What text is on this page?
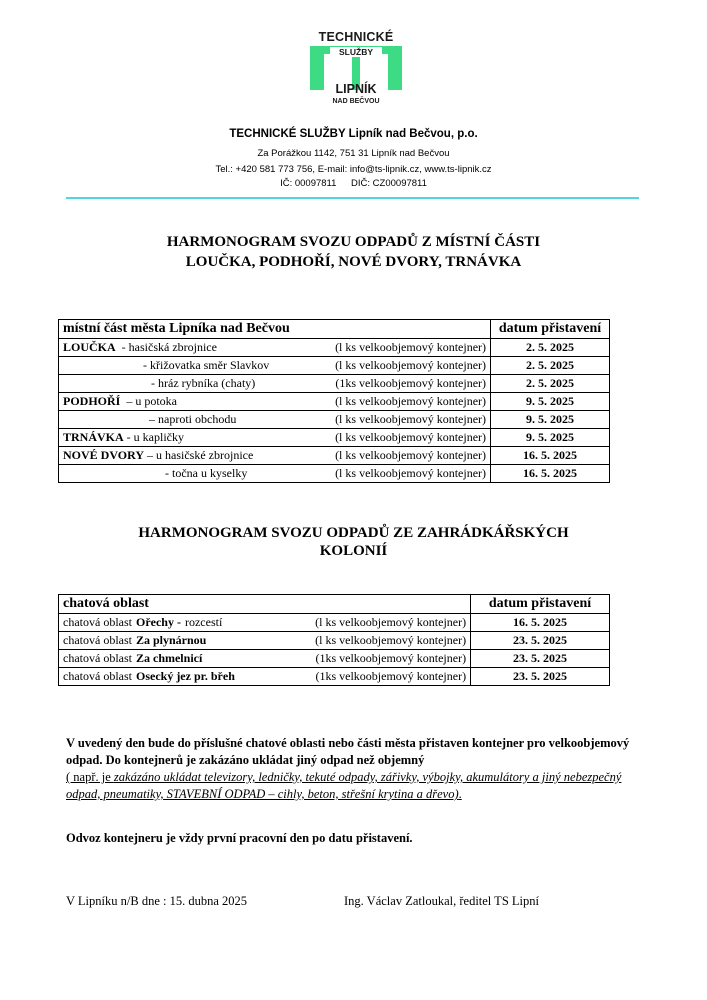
TECHNICKÉ
SLUŽBY
LIPNÍK
NAD BEČVOU
TECHNICKÉ SLUŽBY Lipník nad Bečvou, p.o.
Za Porážkou 1142, 751 31 Lipník nad Bečvou
Tel.: +420 581 773 756, E-mail: info@ts-lipnik.cz, www.ts-lipnik.cz
IČ: 00097811 DIČ: CZ00097811
HARMONOGRAM SVOZU ODPADŮ Z MÍSTNÍ ČÁSTI
LOUČKA, PODHOŘÍ, NOVÉ DVORY, TRNÁVKA
místní část města Lipníka nad Bečvou	datum přistavení
LOUČKA  - hasičská zbrojnice (l ks velkoobjemový kontejner)	2. 5. 2025
- křižovatka směr Slavkov (l ks velkoobjemový kontejner)	2. 5. 2025
- hráz rybníka (chaty) (1ks velkoobjemový kontejner)	2. 5. 2025
PODHOŘÍ  – u potoka (l ks velkoobjemový kontejner)	9. 5. 2025
– naproti obchodu (l ks velkoobjemový kontejner)	9. 5. 2025
TRNÁVKA - u kapličky (l ks velkoobjemový kontejner)	9. 5. 2025
NOVÉ DVORY – u hasičské zbrojnice (l ks velkoobjemový kontejner)	16. 5. 2025
- točna u kyselky (l ks velkoobjemový kontejner)	16. 5. 2025
HARMONOGRAM SVOZU ODPADŮ ZE ZAHRÁDKÁŘSKÝCH
KOLONIÍ
chatová oblast	datum přistavení
chatová oblast Ořechy - rozcestí (l ks velkoobjemový kontejner)	16. 5. 2025
chatová oblast Za plynárnou (l ks velkoobjemový kontejner)	23. 5. 2025
chatová oblast Za chmelnicí (1ks velkoobjemový kontejner)	23. 5. 2025
chatová oblast Osecký jez pr. břeh (1ks velkoobjemový kontejner)	23. 5. 2025
V uvedený den bude do příslušné chatové oblasti nebo části města přistaven kontejner pro velkoobjemový odpad. Do kontejnerů je zakázáno ukládat jiný odpad než objemný
( např. je zakázáno ukládat televizory, ledničky, tekuté odpady, zářivky, výbojky, akumulátory a jiný nebezpečný odpad, pneumatiky, STAVEBNÍ ODPAD – cihly, beton, střešní krytina a dřevo).
Odvoz kontejneru je vždy první pracovní den po datu přistavení.
V Lipníku n/B dne : 15. dubna 2025	Ing. Václav Zatloukal, ředitel TS Lipní
